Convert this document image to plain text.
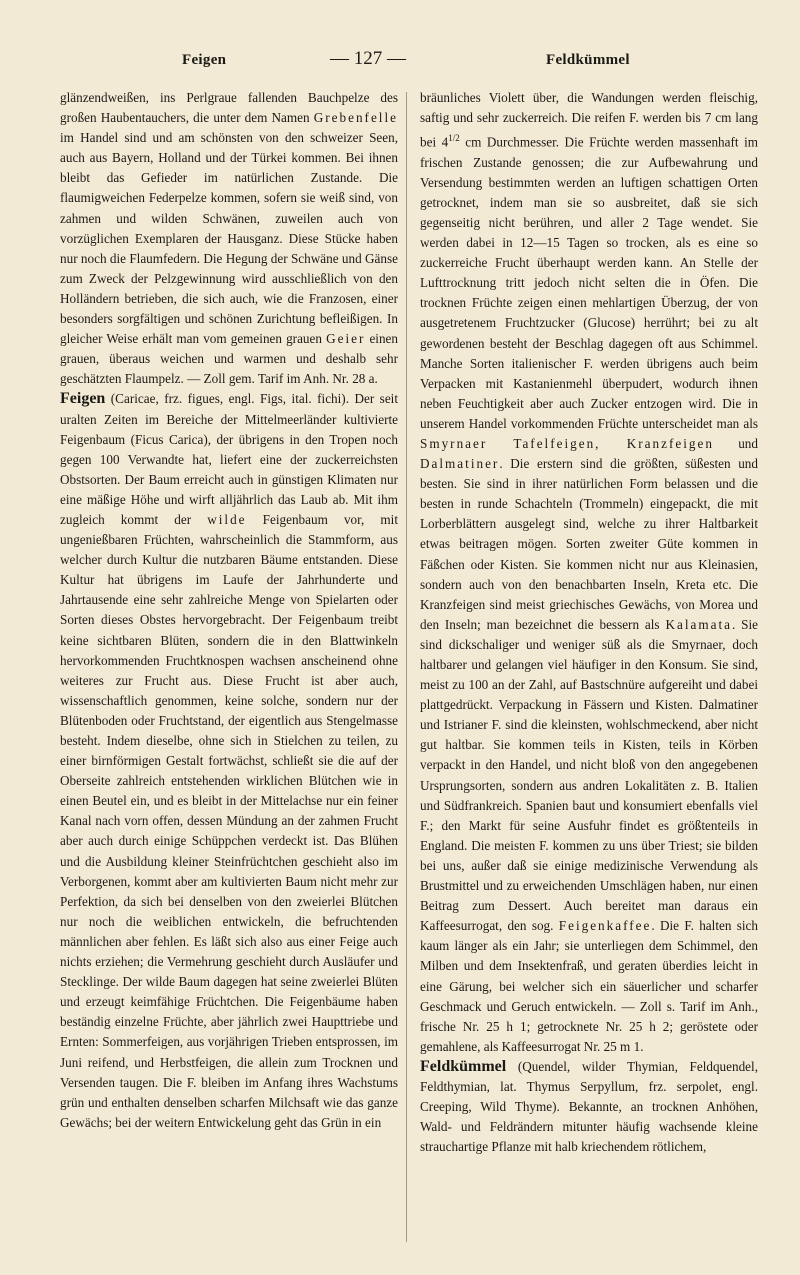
Feigen	— 127 —	Feldkümmel

glänzendweißen, ins Perlgraue fallenden Bauchpelze des großen Haubentauchers, die unter dem Namen Grebenfelle im Handel sind und am schönsten von den schweizer Seen, auch aus Bayern, Holland und der Türkei kommen. Bei ihnen bleibt das Gefieder im natürlichen Zustande. Die flaumigweichen Federpelze kommen, sofern sie weiß sind, von zahmen und wilden Schwänen, zuweilen auch von vorzüglichen Exemplaren der Hausganz. Diese Stücke haben nur noch die Flaumfedern. Die Hegung der Schwäne und Gänse zum Zweck der Pelzgewinnung wird ausschließlich von den Holländern betrieben, die sich auch, wie die Franzosen, einer besonders sorgfältigen und schönen Zurichtung befleißigen. In gleicher Weise erhält man vom gemeinen grauen Geier einen grauen, überaus weichen und warmen und deshalb sehr geschätzten Flaumpelz. — Zoll gem. Tarif im Anh. Nr. 28 a.

Feigen (Caricae, frz. figues, engl. Figs, ital. fichi). Der seit uralten Zeiten im Bereiche der Mittelmeerländer kultivierte Feigenbaum (Ficus Carica), der übrigens in den Tropen noch gegen 100 Verwandte hat, liefert eine der zuckerreichsten Obstsorten. Der Baum erreicht auch in günstigen Klimaten nur eine mäßige Höhe und wirft alljährlich das Laub ab. Mit ihm zugleich kommt der wilde Feigenbaum vor, mit ungenießbaren Früchten, wahrscheinlich die Stammform, aus welcher durch Kultur die nutzbaren Bäume entstanden. Diese Kultur hat übrigens im Laufe der Jahrhunderte und Jahrtausende eine sehr zahlreiche Menge von Spielarten oder Sorten dieses Obstes hervorgebracht. Der Feigenbaum treibt keine sichtbaren Blüten, sondern die in den Blattwinkeln hervorkommenden Fruchtknospen wachsen anscheinend ohne weiteres zur Frucht aus. Diese Frucht ist aber auch, wissenschaftlich genommen, keine solche, sondern nur der Blütenboden oder Fruchtstand, der eigentlich aus Stengelmasse besteht. Indem dieselbe, ohne sich in Stielchen zu teilen, zu einer birnförmigen Gestalt fortwächst, schließt sie die auf der Oberseite zahlreich entstehenden wirklichen Blütchen wie in einen Beutel ein, und es bleibt in der Mittelachse nur ein feiner Kanal nach vorn offen, dessen Mündung an der zahmen Frucht aber auch durch einige Schüppchen verdeckt ist. Das Blühen und die Ausbildung kleiner Steinfrüchtchen geschieht also im Verborgenen, kommt aber am kultivierten Baum nicht mehr zur Perfektion, da sich bei denselben von den zweierlei Blütchen nur noch die weiblichen entwickeln, die befruchtenden männlichen aber fehlen. Es läßt sich also aus einer Feige auch nichts erziehen; die Vermehrung geschieht durch Ausläufer und Stecklinge. Der wilde Baum dagegen hat seine zweierlei Blüten und erzeugt keimfähige Früchtchen. Die Feigenbäume haben beständig einzelne Früchte, aber jährlich zwei Haupttriebe und Ernten: Sommerfeigen, aus vorjährigen Trieben entsprossen, im Juni reifend, und Herbstfeigen, die allein zum Trocknen und Versenden taugen. Die F. bleiben im Anfang ihres Wachstums grün und enthalten denselben scharfen Milchsaft wie das ganze Gewächs; bei der weitern Entwickelung geht das Grün in ein

bräunliches Violett über, die Wandungen werden fleischig, saftig und sehr zuckerreich. Die reifen F. werden bis 7 cm lang bei $4^{1/2}$ cm Durchmesser. Die Früchte werden massenhaft im frischen Zustande genossen; die zur Aufbewahrung und Versendung bestimmten werden an luftigen schattigen Orten getrocknet, indem man sie so ausbreitet, daß sie sich gegenseitig nicht berühren, und aller 2 Tage wendet. Sie werden dabei in 12—15 Tagen so trocken, als es eine so zuckerreiche Frucht überhaupt werden kann. An Stelle der Lufttrocknung tritt jedoch nicht selten die in Öfen. Die trocknen Früchte zeigen einen mehlartigen Überzug, der von ausgetretenem Fruchtzucker (Glucose) herrührt; bei zu alt gewordenen besteht der Beschlag dagegen oft aus Schimmel. Manche Sorten italienischer F. werden übrigens auch beim Verpacken mit Kastanienmehl überpudert, wodurch ihnen neben Feuchtigkeit aber auch Zucker entzogen wird. Die in unserem Handel vorkommenden Früchte unterscheidet man als Smyrnaer Tafelfeigen, Kranzfeigen und Dalmatiner. Die erstern sind die größten, süßesten und besten. Sie sind in ihrer natürlichen Form belassen und die besten in runde Schachteln (Trommeln) eingepackt, die mit Lorberblättern ausgelegt sind, welche zu ihrer Haltbarkeit etwas beitragen mögen. Sorten zweiter Güte kommen in Fäßchen oder Kisten. Sie kommen nicht nur aus Kleinasien, sondern auch von den benachbarten Inseln, Kreta etc. Die Kranzfeigen sind meist griechisches Gewächs, von Morea und den Inseln; man bezeichnet die bessern als Kalamata. Sie sind dickschaliger und weniger süß als die Smyrnaer, doch haltbarer und gelangen viel häufiger in den Konsum. Sie sind, meist zu 100 an der Zahl, auf Bastschnüre aufgereiht und dabei plattgedrückt. Verpackung in Fässern und Kisten. Dalmatiner und Istrianer F. sind die kleinsten, wohlschmeckend, aber nicht gut haltbar. Sie kommen teils in Kisten, teils in Körben verpackt in den Handel, und nicht bloß von den angegebenen Ursprungsorten, sondern aus andren Lokalitäten z. B. Italien und Südfrankreich. Spanien baut und konsumiert ebenfalls viel F.; den Markt für seine Ausfuhr findet es größtenteils in England. Die meisten F. kommen zu uns über Triest; sie bilden bei uns, außer daß sie einige medizinische Verwendung als Brustmittel und zu erweichenden Umschlägen haben, nur einen Beitrag zum Dessert. Auch bereitet man daraus ein Kaffeesurrogat, den sog. Feigenkaffee. Die F. halten sich kaum länger als ein Jahr; sie unterliegen dem Schimmel, den Milben und dem Insektenfraß, und geraten überdies leicht in eine Gärung, bei welcher sich ein säuerlicher und scharfer Geschmack und Geruch entwickeln. — Zoll s. Tarif im Anh., frische Nr. 25 h 1; getrocknete Nr. 25 h 2; geröstete oder gemahlene, als Kaffeesurrogat Nr. 25 m 1.

Feldkümmel (Quendel, wilder Thymian, Feldquendel, Feldthymian, lat. Thymus Serpyllum, frz. serpolet, engl. Creeping, Wild Thyme). Bekannte, an trocknen Anhöhen, Wald- und Feldrändern mitunter häufig wachsende kleine strauchartige Pflanze mit halb kriechendem rötlichem,
